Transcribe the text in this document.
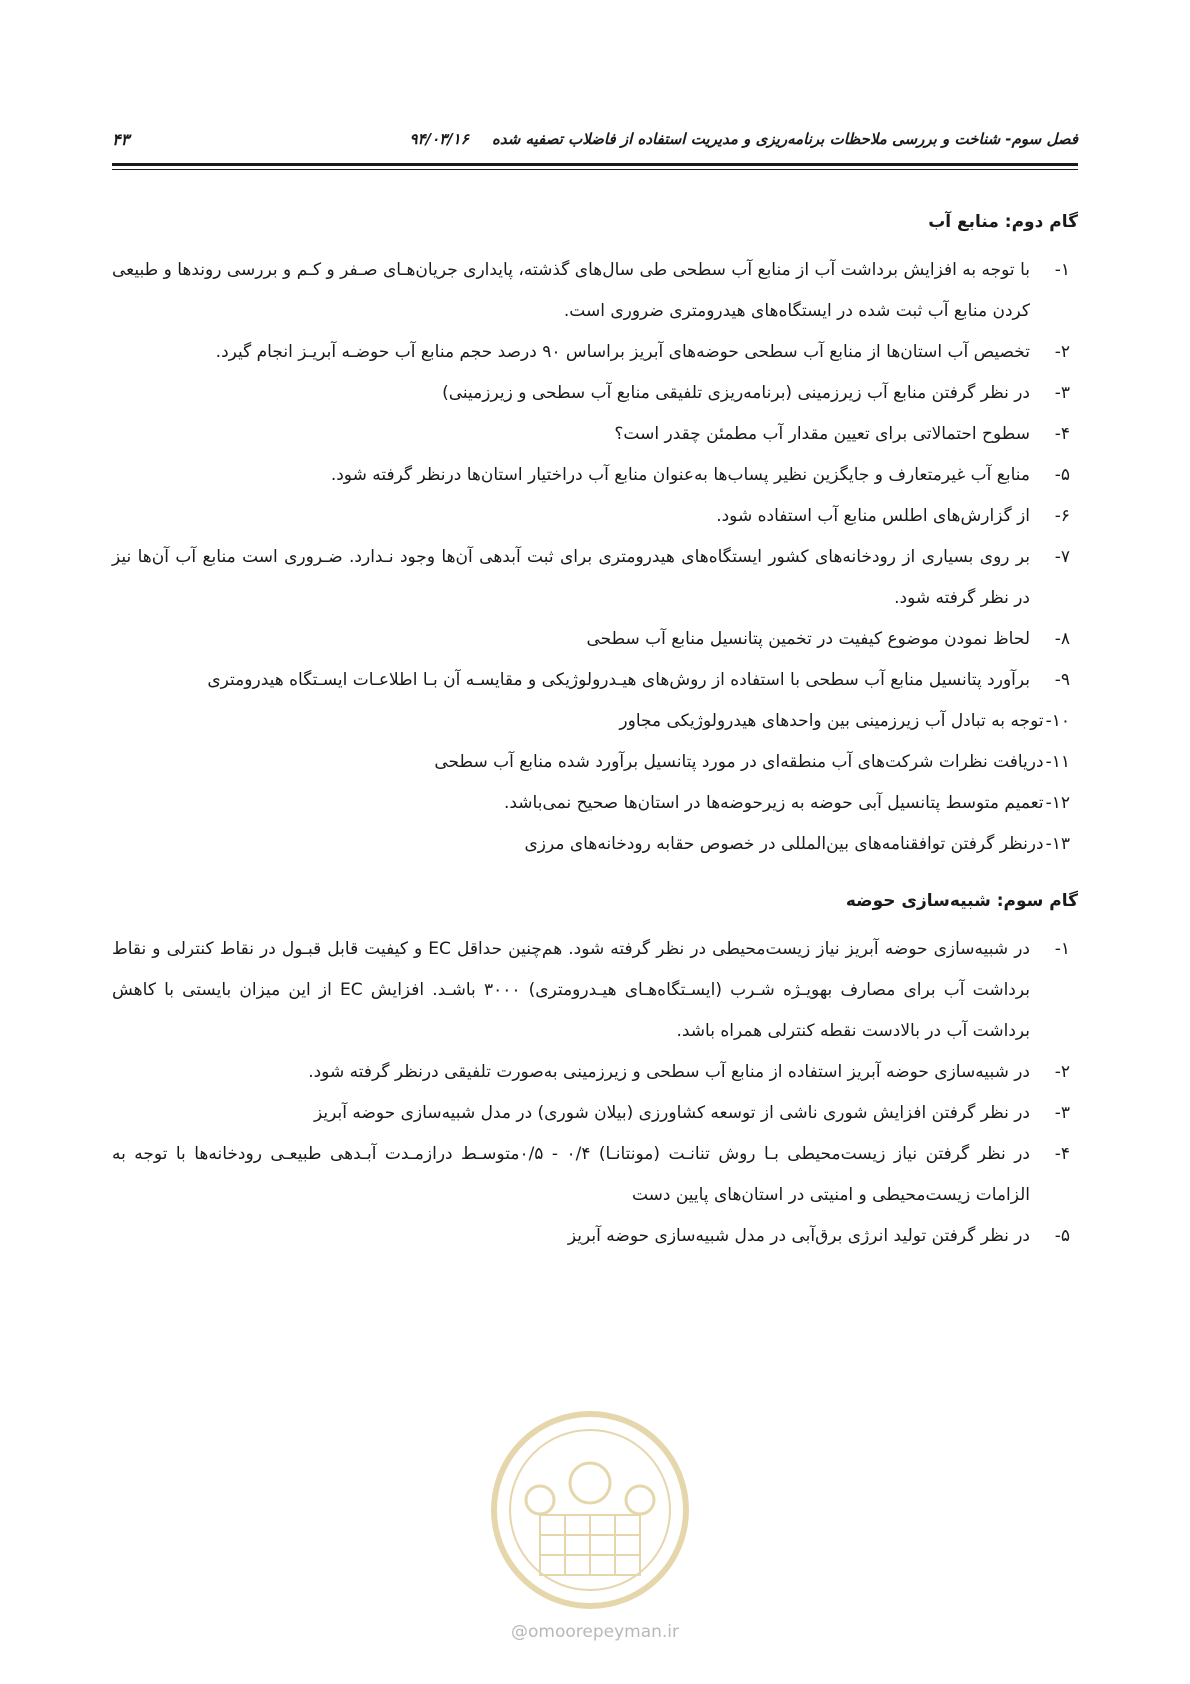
فصل سوم- شناخت و بررسی ملاحظات برنامه‌ریزی و مدیریت استفاده از فاضلاب تصفیه شده ۹۴/۰۳/۱۶
۴۳
گام دوم: منابع آب
۱-
با توجه به افزایش برداشت آب از منابع آب سطحی طی سال‌های گذشته، پایداری جریان‌هـای صـفر و کـم و بررسی روندها و طبیعی کردن منابع آب ثبت شده در ایستگاه‌های هیدرومتری ضروری است.
۲-
تخصیص آب استان‌ها از منابع آب سطحی حوضه‌های آبریز براساس ۹۰ درصد حجم منابع آب حوضـه آبریـز انجام گیرد.
۳-
در نظر گرفتن منابع آب زیرزمینی (برنامه‌ریزی تلفیقی منابع آب سطحی و زیرزمینی)
۴-
سطوح احتمالاتی برای تعیین مقدار آب مطمئن چقدر است؟
۵-
منابع آب غیرمتعارف و جایگزین نظیر پساب‌ها به‌عنوان منابع آب دراختیار استان‌ها درنظر گرفته شود.
۶-
از گزارش‌های اطلس منابع آب استفاده شود.
۷-
بر روی بسیاری از رودخانه‌های کشور ایستگاه‌های هیدرومتری برای ثبت آبدهی آن‌ها وجود نـدارد. ضـروری است منابع آب آن‌ها نیز در نظر گرفته شود.
۸-
لحاظ نمودن موضوع کیفیت در تخمین پتانسیل منابع آب سطحی
۹-
برآورد پتانسیل منابع آب سطحی با استفاده از روش‌های هیـدرولوژیکی و مقایسـه آن بـا اطلاعـات ایسـتگاه هیدرومتری
۱۰-
توجه به تبادل آب زیرزمینی بین واحدهای هیدرولوژیکی مجاور
۱۱-
دریافت نظرات شرکت‌های آب منطقه‌ای در مورد پتانسیل برآورد شده منابع آب سطحی
۱۲-
تعمیم متوسط پتانسیل آبی حوضه به زیرحوضه‌ها در استان‌ها صحیح نمی‌باشد.
۱۳-
درنظر گرفتن توافقنامه‌های بین‌المللی در خصوص حقابه رودخانه‌های مرزی
گام سوم: شبیه‌سازی حوضه
۱-
در شبیه‌سازی حوضه آبریز نیاز زیست‌محیطی در نظر گرفته شود. هم‌چنین حداقل EC و کیفیت قابل قبـول در نقاط کنترلی و نقاط برداشت آب برای مصارف بهویـژه شـرب (ایسـتگاه‌هـای هیـدرومتری) ۳۰۰۰ باشـد. افزایش EC از این میزان بایستی با کاهش برداشت آب در بالادست نقطه کنترلی همراه باشد.
۲-
در شبیه‌سازی حوضه آبریز استفاده از منابع آب سطحی و زیرزمینی به‌صورت تلفیقی درنظر گرفته شود.
۳-
در نظر گرفتن افزایش شوری ناشی از توسعه کشاورزی (بیلان شوری) در مدل شبیه‌سازی حوضه آبریز
۴-
در نظر گرفتن نیاز زیست‌محیطی بـا روش تنانـت (مونتانـا) ۰/۴ - ۰/۵متوسـط درازمـدت آبـدهی طبیعـی رودخانه‌ها با توجه به الزامات زیست‌محیطی و امنیتی در استان‌های پایین دست
۵-
در نظر گرفتن تولید انرژی برق‌آبی در مدل شبیه‌سازی حوضه آبریز
@omoorepeyman.ir
